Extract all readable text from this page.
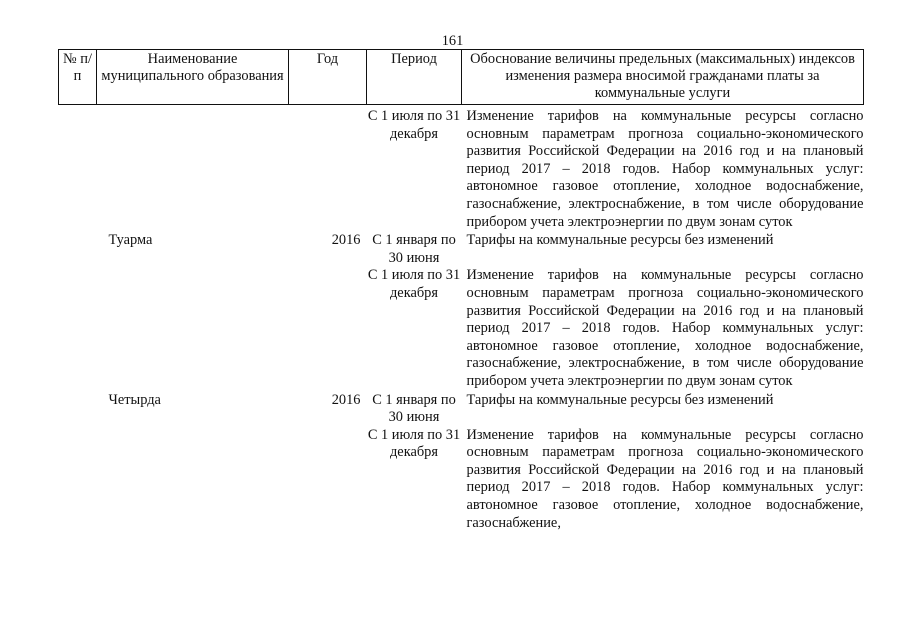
161
№ п/п	Наименование муниципального образования	Год	Период	Обоснование величины предельных (максимальных) индексов изменения размера вносимой гражданами платы за коммунальные услуги
			С 1 июля по 31 декабря	Изменение тарифов на коммунальные ресурсы согласно основным параметрам прогноза социально-экономического развития Российской Федерации на 2016 год и на плановый период 2017 – 2018 годов. Набор коммунальных услуг: автономное газовое отопление, холодное водоснабжение, газоснабжение, электроснабжение, в том числе оборудование прибором учета электроэнергии по двум зонам суток
	Туарма	2016	С 1 января по 30 июня	Тарифы на коммунальные ресурсы без изменений
			С 1 июля по 31 декабря	Изменение тарифов на коммунальные ресурсы согласно основным параметрам прогноза социально-экономического развития Российской Федерации на 2016 год и на плановый период 2017 – 2018 годов. Набор коммунальных услуг: автономное газовое отопление, холодное водоснабжение, газоснабжение, электроснабжение, в том числе оборудование прибором учета электроэнергии по двум зонам суток
	Четырда	2016	С 1 января по 30 июня	Тарифы на коммунальные ресурсы без изменений
			С 1 июля по 31 декабря	Изменение тарифов на коммунальные ресурсы согласно основным параметрам прогноза социально-экономического развития Российской Федерации на 2016 год и на плановый период 2017 – 2018 годов. Набор коммунальных услуг: автономное газовое отопление, холодное водоснабжение, газоснабжение,
